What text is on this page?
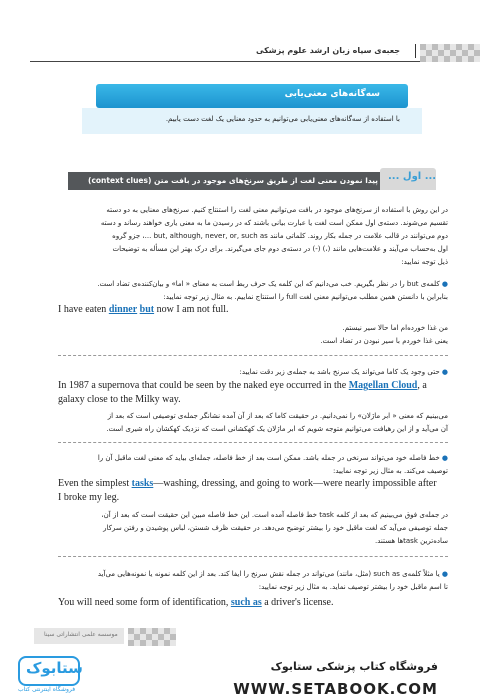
جعبه‌ی سیاه زبان ارشد علوم پزشکی
سه‌گانه‌های معنی‌یابی
با استفاده از سه‌گانه‌های معنی‌یابی می‌توانیم به حدود معنایی یک لغت دست یابیم.
پیدا نمودن معنی لغت از طریق سرنخ‌های موجود در بافت متن (context clues) ... اول ...
در این روش با استفاده از سرنخ‌های موجود در بافت می‌توانیم معنی لغت را استنتاج کنیم. سرنخ‌های معنایی به دو دسته
تقسیم می‌شوند. دسته‌ی اول ممکن است لغت یا عبارت بیانی باشند که در رسیدن ما به معنی یاری خواهند رساند و دسته
دوم می‌توانند در قالب علامت در جمله بکار روند. کلماتی مانند but, although, never, or, such as ...، جزو گروه
اول به‌حساب می‌آیند و علامت‌هایی مانند (،) (-) در دسته‌ی دوم جای می‌گیرند. برای درک بهتر این مسأله به توضیحات
ذیل توجه نمایید:
● کلمه‌ی but را در نظر بگیریم. خب می‌دانیم که این کلمه یک حرف ربط است به معنای « اما» و بیان‌کننده‌ی تضاد است.
بنابراین با دانستن همین مطلب می‌توانیم معنی لغت full را استنتاج نماییم. به مثال زیر توجه نمایید:
I have eaten dinner but now I am not full.
من غذا خورده‌ام اما حالا سیر نیستم.
یعنی غذا خوردم با سیر نبودن در تضاد است.
● حتی وجود یک کاما می‌تواند یک سرنخ باشد به جمله‌ی زیر دقت نمایید:
In 1987 a supernova that could be seen by the naked eye occurred in the Magellan Cloud, a
galaxy close to the Milky way.
می‌بینیم که معنی « ابر ماژلان» را نمی‌دانیم. در حقیقت کاما که بعد از آن آمده نشانگر جمله‌ی توصیفی است که بعد از
آن می‌آید و از این رهیافت می‌توانیم متوجه شویم که ابر ماژلان یک کهکشانی است که نزدیک کهکشان راه شیری است.
● خط فاصله خود می‌تواند سرنخی در جمله باشد. ممکن است بعد از خط فاصله، جمله‌ای بیاید که معنی لغت ماقبل آن را
توصیف می‌کند. به مثال زیر توجه نمایید:
Even the simplest tasks—washing, dressing, and going to work—were nearly impossible after
I broke my leg.
در جمله‌ی فوق می‌بینیم که بعد از کلمه task خط فاصله آمده است. این خط فاصله مبین این حقیقت است که بعد از آن،
جمله توصیفی می‌آید که لغت ماقبل خود را بیشتر توضیح می‌دهد. در حقیقت ظرف شستن، لباس پوشیدن و رفتن سرکار
ساده‌ترین taskها هستند.
● یا مثلاً کلمه‌ی such as (مثل، مانند) می‌تواند در جمله نقش سرنخ را ایفا کند. بعد از این کلمه نمونه یا نمونه‌هایی می‌آید
تا اسم ماقبل خود را بیشتر توصیف نماید. به مثال زیر توجه نمایید:
You will need some form of identification, such as a driver's license.
موسسه علمی انتشاراتی سینا
ستابوک
فروشگاه اینترنتی کتاب
فروشگاه کتاب پزشکی ستابوک
WWW.SETABOOK.COM
